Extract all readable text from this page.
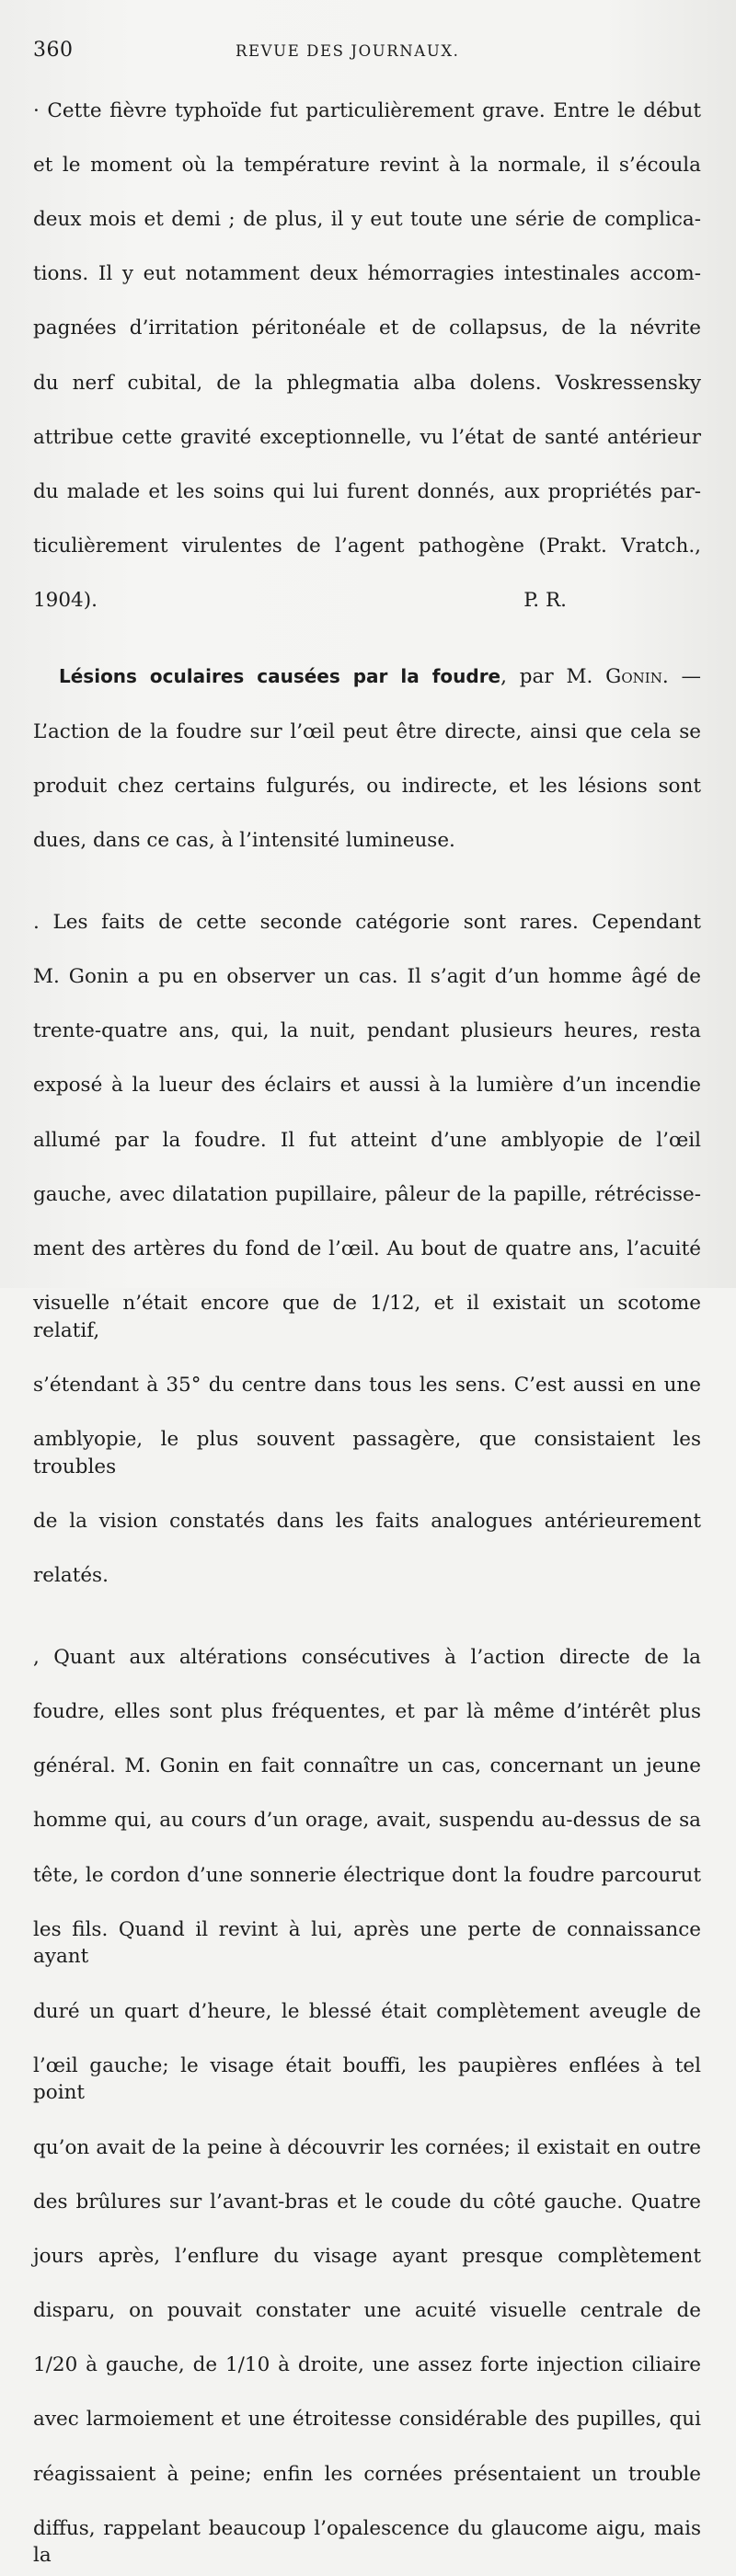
360	REVUE DES JOURNAUX.

· Cette fièvre typhoïde fut particulièrement grave. Entre le début

et le moment où la température revint à la normale, il s’écoula

deux mois et demi ; de plus, il y eut toute une série de complica-

tions. Il y eut notamment deux hémorragies intestinales accom-

pagnées d’irritation péritonéale et de collapsus, de la névrite

du nerf cubital, de la phlegmatia alba dolens. Voskressensky

attribue cette gravité exceptionnelle, vu l’état de santé antérieur

du malade et les soins qui lui furent donnés, aux propriétés par-

ticulièrement virulentes de l’agent pathogène (Prakt. Vratch.,

1904).	P. R.

Lésions oculaires causées par la foudre, par M. Gonin. —

L’action de la foudre sur l’œil peut être directe, ainsi que cela se

produit chez certains fulgurés, ou indirecte, et les lésions sont

dues, dans ce cas, à l’intensité lumineuse.

. Les faits de cette seconde catégorie sont rares. Cependant

M. Gonin a pu en observer un cas. Il s’agit d’un homme âgé de

trente-quatre ans, qui, la nuit, pendant plusieurs heures, resta

exposé à la lueur des éclairs et aussi à la lumière d’un incendie

allumé par la foudre. Il fut atteint d’une amblyopie de l’œil

gauche, avec dilatation pupillaire, pâleur de la papille, rétrécisse-

ment des artères du fond de l’œil. Au bout de quatre ans, l’acuité

visuelle n’était encore que de 1/12, et il existait un scotome relatif,

s’étendant à 35° du centre dans tous les sens. C’est aussi en une

amblyopie, le plus souvent passagère, que consistaient les troubles

de la vision constatés dans les faits analogues antérieurement

relatés.

, Quant aux altérations consécutives à l’action directe de la

foudre, elles sont plus fréquentes, et par là même d’intérêt plus

général. M. Gonin en fait connaître un cas, concernant un jeune

homme qui, au cours d’un orage, avait, suspendu au-dessus de sa

tête, le cordon d’une sonnerie électrique dont la foudre parcourut

les fils. Quand il revint à lui, après une perte de connaissance ayant

duré un quart d’heure, le blessé était complètement aveugle de

l’œil gauche; le visage était bouffi, les paupières enflées à tel point

qu’on avait de la peine à découvrir les cornées; il existait en outre

des brûlures sur l’avant-bras et le coude du côté gauche. Quatre

jours après, l’enflure du visage ayant presque complètement

disparu, on pouvait constater une acuité visuelle centrale de

1/20 à gauche, de 1/10 à droite, une assez forte injection ciliaire

avec larmoiement et une étroitesse considérable des pupilles, qui

réagissaient à peine; enfin les cornées présentaient un trouble

diffus, rappelant beaucoup l’opalescence du glaucome aigu, mais la
